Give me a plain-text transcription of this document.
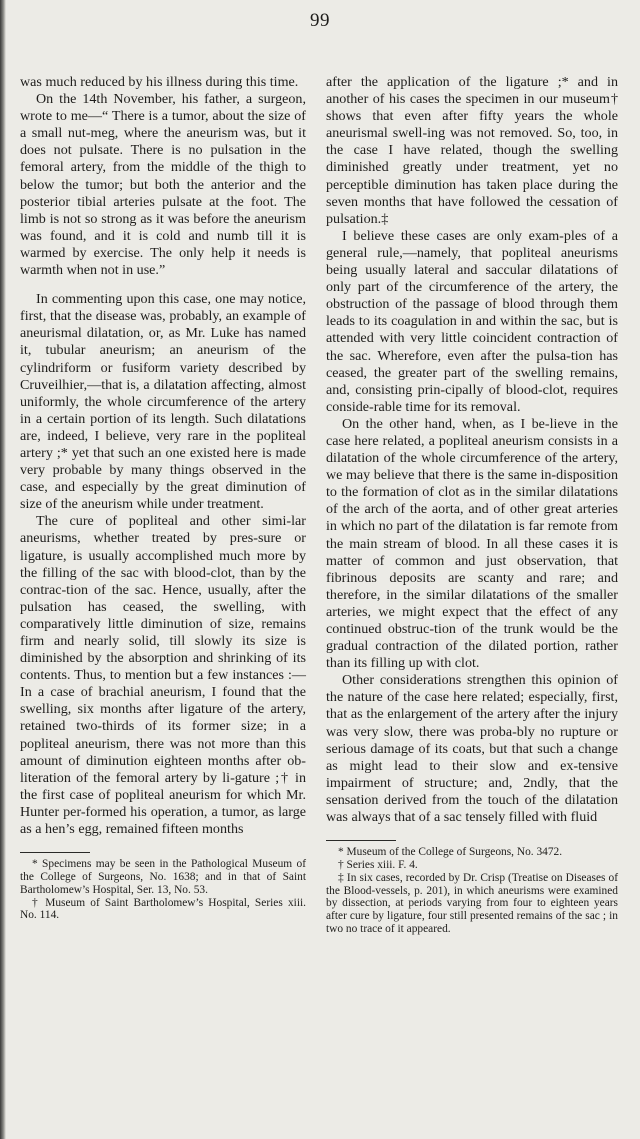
99

was much reduced by his illness during this time.

On the 14th November, his father, a surgeon, wrote to me—“ There is a tumor, about the size of a small nut-meg, where the aneurism was, but it does not pulsate. There is no pulsation in the femoral artery, from the middle of the thigh to below the tumor; but both the anterior and the posterior tibial arteries pulsate at the foot. The limb is not so strong as it was before the aneurism was found, and it is cold and numb till it is warmed by exercise. The only help it needs is warmth when not in use.”

In commenting upon this case, one may notice, first, that the disease was, probably, an example of aneurismal dilatation, or, as Mr. Luke has named it, tubular aneurism; an aneurism of the cylindriform or fusiform variety described by Cruveilhier,—that is, a dilatation affecting, almost uniformly, the whole circumference of the artery in a certain portion of its length. Such dilatations are, indeed, I believe, very rare in the popliteal artery ;* yet that such an one existed here is made very probable by many things observed in the case, and especially by the great diminution of size of the aneurism while under treatment.

The cure of popliteal and other simi-lar aneurisms, whether treated by pres-sure or ligature, is usually accomplished much more by the filling of the sac with blood-clot, than by the contrac-tion of the sac. Hence, usually, after the pulsation has ceased, the swelling, with comparatively little diminution of size, remains firm and nearly solid, till slowly its size is diminished by the absorption and shrinking of its contents. Thus, to mention but a few instances :— In a case of brachial aneurism, I found that the swelling, six months after ligature of the artery, retained two-thirds of its former size; in a popliteal aneurism, there was not more than this amount of diminution eighteen months after ob-literation of the femoral artery by li-gature ;† in the first case of popliteal aneurism for which Mr. Hunter per-formed his operation, a tumor, as large as a hen’s egg, remained fifteen months

* Specimens may be seen in the Pathological Museum of the College of Surgeons, No. 1638; and in that of Saint Bartholomew’s Hospital, Ser. 13, No. 53.

† Museum of Saint Bartholomew’s Hospital, Series xiii. No. 114.

after the application of the ligature ;* and in another of his cases the specimen in our museum† shows that even after fifty years the whole aneurismal swell-ing was not removed. So, too, in the case I have related, though the swelling diminished greatly under treatment, yet no perceptible diminution has taken place during the seven months that have followed the cessation of pulsation.‡

I believe these cases are only exam-ples of a general rule,—namely, that popliteal aneurisms being usually lateral and saccular dilatations of only part of the circumference of the artery, the obstruction of the passage of blood through them leads to its coagulation in and within the sac, but is attended with very little coincident contraction of the sac. Wherefore, even after the pulsa-tion has ceased, the greater part of the swelling remains, and, consisting prin-cipally of blood-clot, requires conside-rable time for its removal.

On the other hand, when, as I be-lieve in the case here related, a popliteal aneurism consists in a dilatation of the whole circumference of the artery, we may believe that there is the same in-disposition to the formation of clot as in the similar dilatations of the arch of the aorta, and of other great arteries in which no part of the dilatation is far remote from the main stream of blood. In all these cases it is matter of common and just observation, that fibrinous deposits are scanty and rare; and therefore, in the similar dilatations of the smaller arteries, we might expect that the effect of any continued obstruc-tion of the trunk would be the gradual contraction of the dilated portion, rather than its filling up with clot.

Other considerations strengthen this opinion of the nature of the case here related; especially, first, that as the enlargement of the artery after the injury was very slow, there was proba-bly no rupture or serious damage of its coats, but that such a change as might lead to their slow and ex-tensive impairment of structure; and, 2ndly, that the sensation derived from the touch of the dilatation was always that of a sac tensely filled with fluid

* Museum of the College of Surgeons, No. 3472.

† Series xiii. F. 4.

‡ In six cases, recorded by Dr. Crisp (Treatise on Diseases of the Blood-vessels, p. 201), in which aneurisms were examined by dissection, at periods varying from four to eighteen years after cure by ligature, four still presented remains of the sac ; in two no trace of it appeared.
